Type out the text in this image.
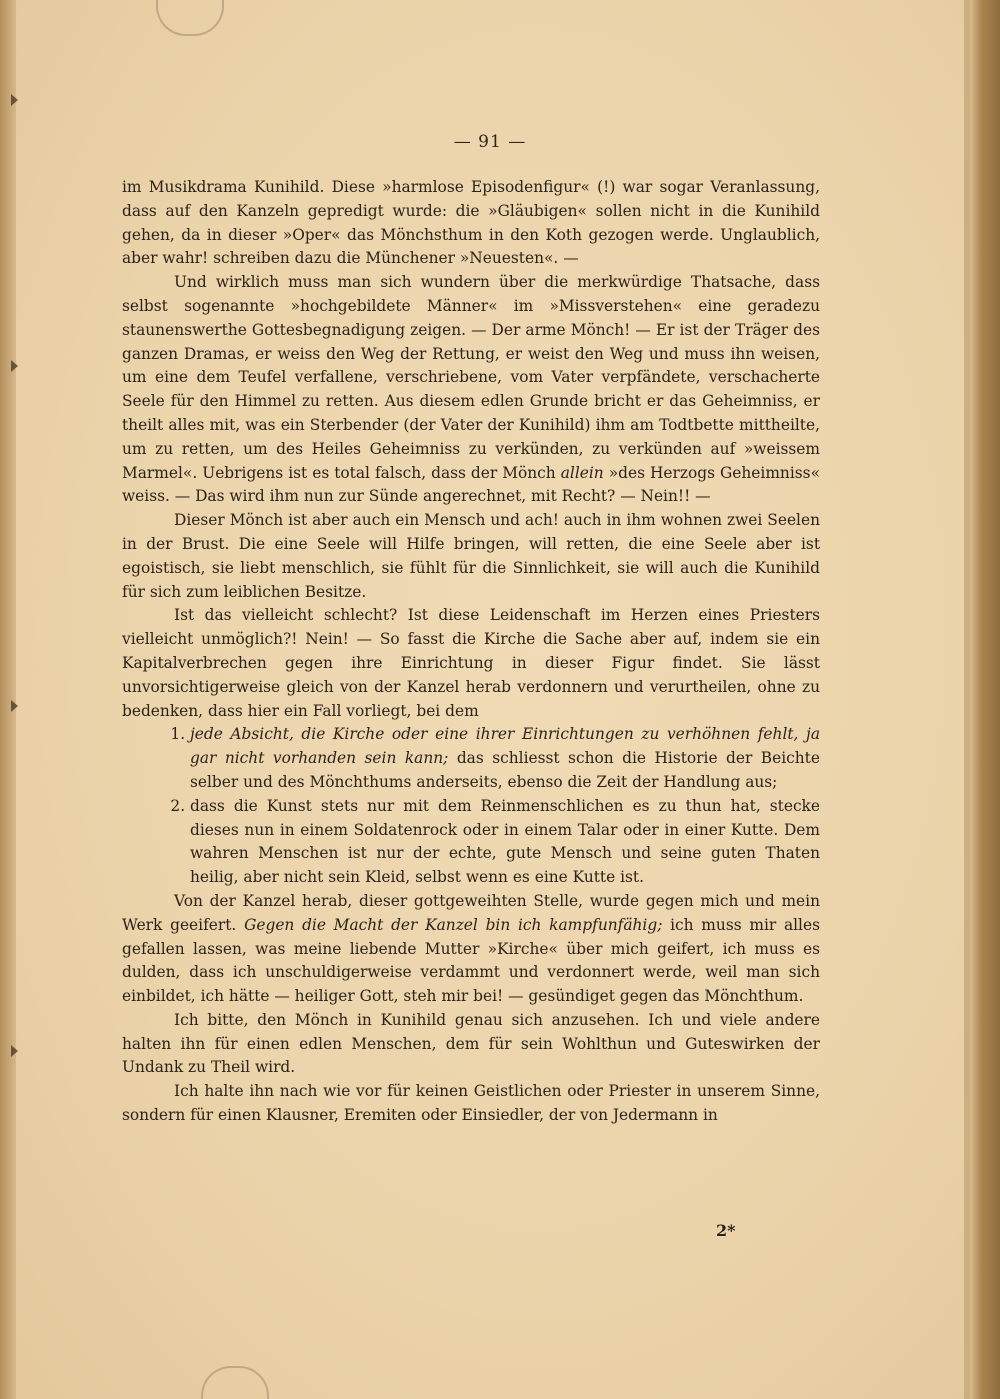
— 91 —

im Musikdrama Kunihild. Diese »harmlose Episodenfigur« (!) war sogar Veranlassung, dass auf den Kanzeln gepredigt wurde: die »Gläubigen« sollen nicht in die Kunihild gehen, da in dieser »Oper« das Mönchsthum in den Koth gezogen werde. Unglaublich, aber wahr! schreiben dazu die Münchener »Neuesten«. —

Und wirklich muss man sich wundern über die merkwürdige Thatsache, dass selbst sogenannte »hochgebildete Männer« im »Missverstehen« eine geradezu staunenswerthe Gottesbegnadigung zeigen. — Der arme Mönch! — Er ist der Träger des ganzen Dramas, er weiss den Weg der Rettung, er weist den Weg und muss ihn weisen, um eine dem Teufel verfallene, verschriebene, vom Vater verpfändete, verschacherte Seele für den Himmel zu retten. Aus diesem edlen Grunde bricht er das Geheimniss, er theilt alles mit, was ein Sterbender (der Vater der Kunihild) ihm am Todtbette mittheilte, um zu retten, um des Heiles Geheimniss zu verkünden, zu verkünden auf »weissem Marmel«. Uebrigens ist es total falsch, dass der Mönch allein »des Herzogs Geheimniss« weiss. — Das wird ihm nun zur Sünde angerechnet, mit Recht? — Nein!! —

Dieser Mönch ist aber auch ein Mensch und ach! auch in ihm wohnen zwei Seelen in der Brust. Die eine Seele will Hilfe bringen, will retten, die eine Seele aber ist egoistisch, sie liebt menschlich, sie fühlt für die Sinnlichkeit, sie will auch die Kunihild für sich zum leiblichen Besitze.

Ist das vielleicht schlecht? Ist diese Leidenschaft im Herzen eines Priesters vielleicht unmöglich?! Nein! — So fasst die Kirche die Sache aber auf, indem sie ein Kapitalverbrechen gegen ihre Einrichtung in dieser Figur findet. Sie lässt unvorsichtigerweise gleich von der Kanzel herab verdonnern und verurtheilen, ohne zu bedenken, dass hier ein Fall vorliegt, bei dem

1. jede Absicht, die Kirche oder eine ihrer Einrichtungen zu verhöhnen fehlt, ja gar nicht vorhanden sein kann; das schliesst schon die Historie der Beichte selber und des Mönchthums anderseits, ebenso die Zeit der Handlung aus;
2. dass die Kunst stets nur mit dem Reinmenschlichen es zu thun hat, stecke dieses nun in einem Soldatenrock oder in einem Talar oder in einer Kutte. Dem wahren Menschen ist nur der echte, gute Mensch und seine guten Thaten heilig, aber nicht sein Kleid, selbst wenn es eine Kutte ist.

Von der Kanzel herab, dieser gottgeweihten Stelle, wurde gegen mich und mein Werk geeifert. Gegen die Macht der Kanzel bin ich kampfunfähig; ich muss mir alles gefallen lassen, was meine liebende Mutter »Kirche« über mich geifert, ich muss es dulden, dass ich unschuldigerweise verdammt und verdonnert werde, weil man sich einbildet, ich hätte — heiliger Gott, steh mir bei! — gesündiget gegen das Mönchthum.

Ich bitte, den Mönch in Kunihild genau sich anzusehen. Ich und viele andere halten ihn für einen edlen Menschen, dem für sein Wohlthun und Guteswirken der Undank zu Theil wird.

Ich halte ihn nach wie vor für keinen Geistlichen oder Priester in unserem Sinne, sondern für einen Klausner, Eremiten oder Einsiedler, der von Jedermann in

2*
